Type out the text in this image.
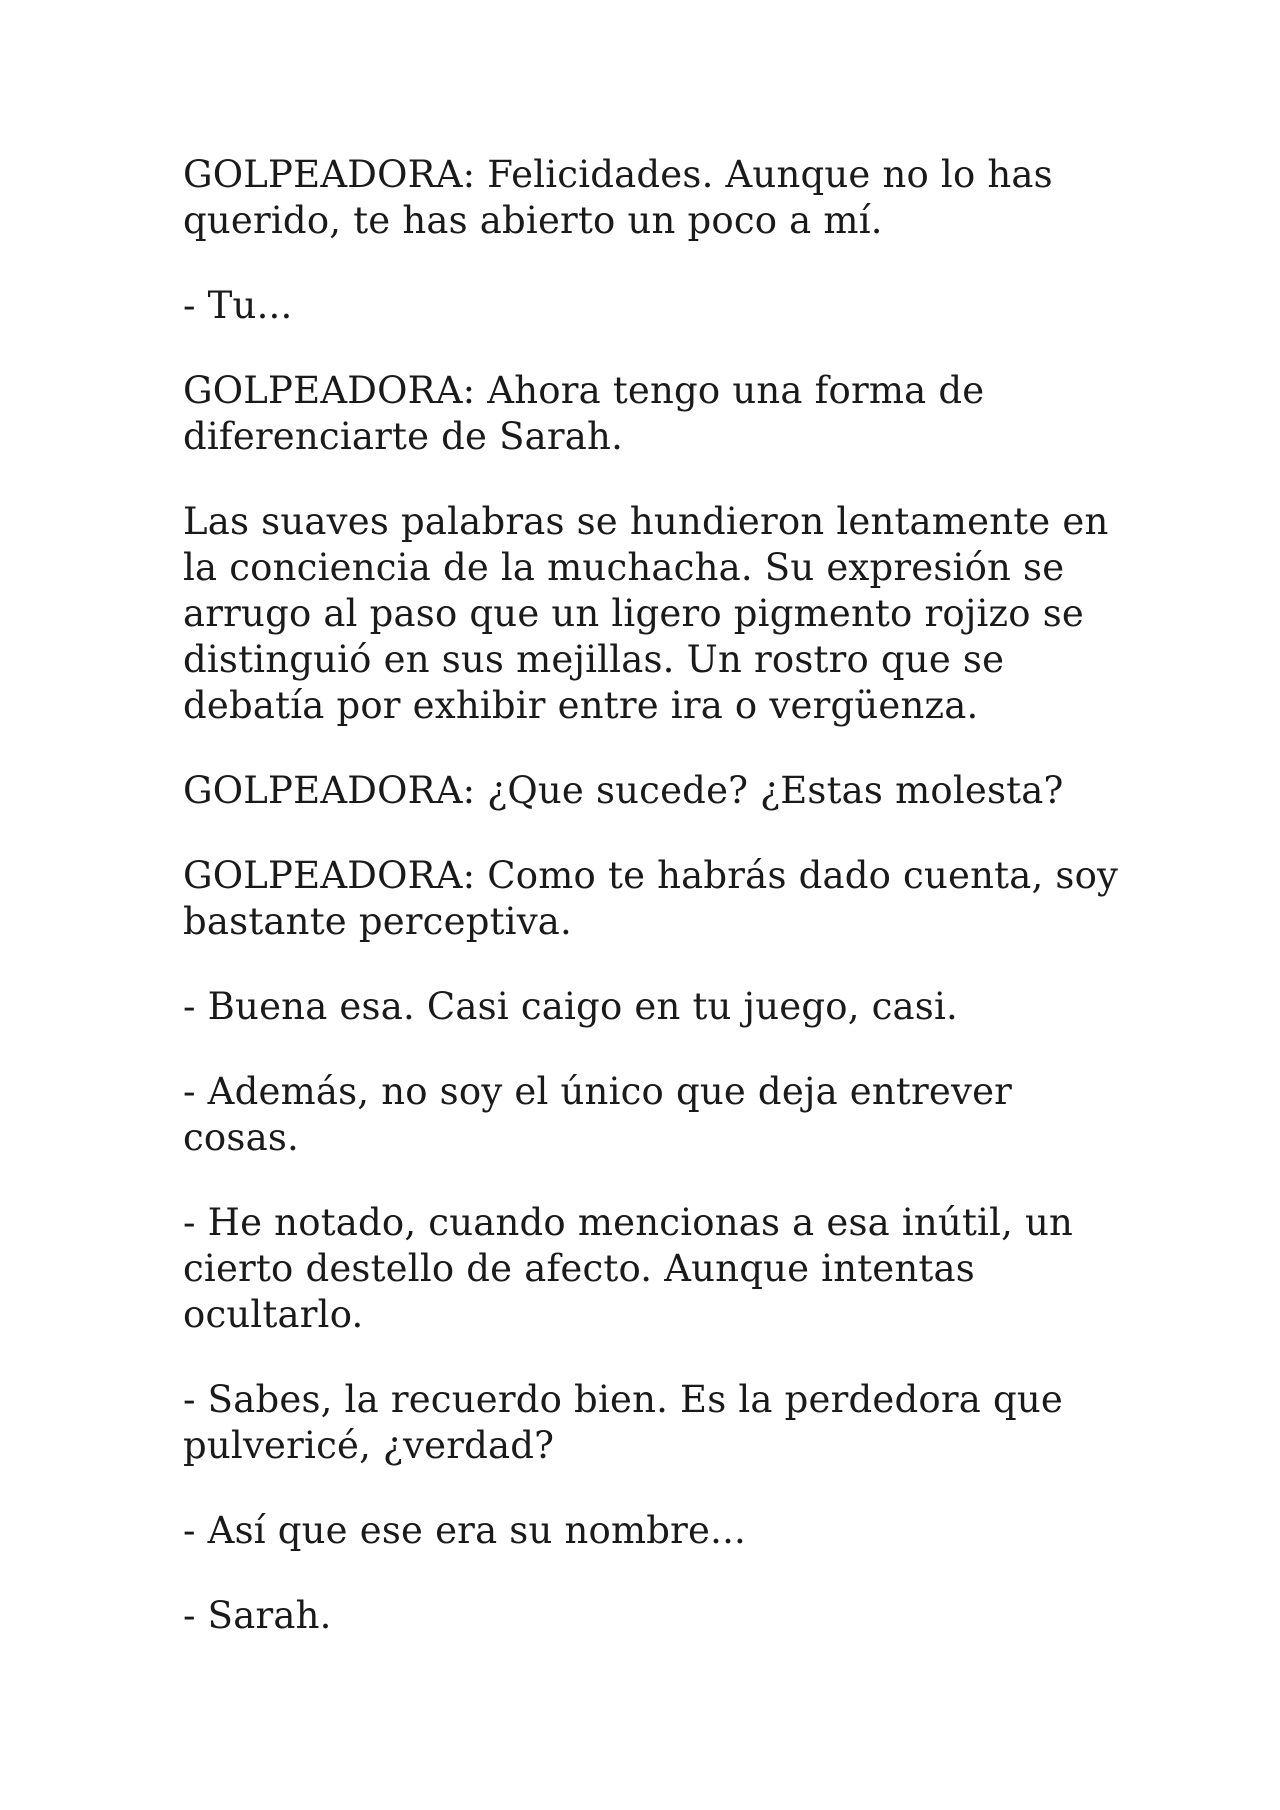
GOLPEADORA: Felicidades. Aunque no lo has querido, te has abierto un poco a mí.

- Tu...

GOLPEADORA: Ahora tengo una forma de diferenciarte de Sarah.

Las suaves palabras se hundieron lentamente en la conciencia de la muchacha. Su expresión se arrugo al paso que un ligero pigmento rojizo se distinguió en sus mejillas. Un rostro que se debatía por exhibir entre ira o vergüenza.

GOLPEADORA: ¿Que sucede? ¿Estas molesta?

GOLPEADORA: Como te habrás dado cuenta, soy bastante perceptiva.

- Buena esa. Casi caigo en tu juego, casi.

- Además, no soy el único que deja entrever cosas.

- He notado, cuando mencionas a esa inútil, un cierto destello de afecto. Aunque intentas ocultarlo.

- Sabes, la recuerdo bien. Es la perdedora que pulvericé, ¿verdad?

- Así que ese era su nombre...

- Sarah.
